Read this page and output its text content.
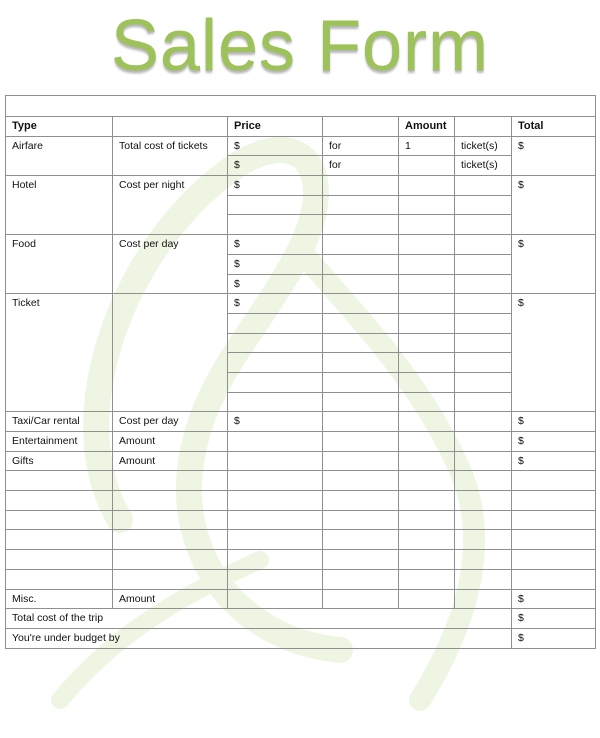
Sales Form

Type		Price		Amount		Total
Airfare	Total cost of tickets	$	for	1	ticket(s)	$
		$	for		ticket(s)	
Hotel	Cost per night	$				$

Food	Cost per day	$				$
		$				
		$				
Ticket		$				$

Taxi/Car rental	Cost per day	$				$
Entertainment	Amount					$
Gifts	Amount					$

Misc.	Amount					$
Total cost of the trip						$
You're under budget by						$
